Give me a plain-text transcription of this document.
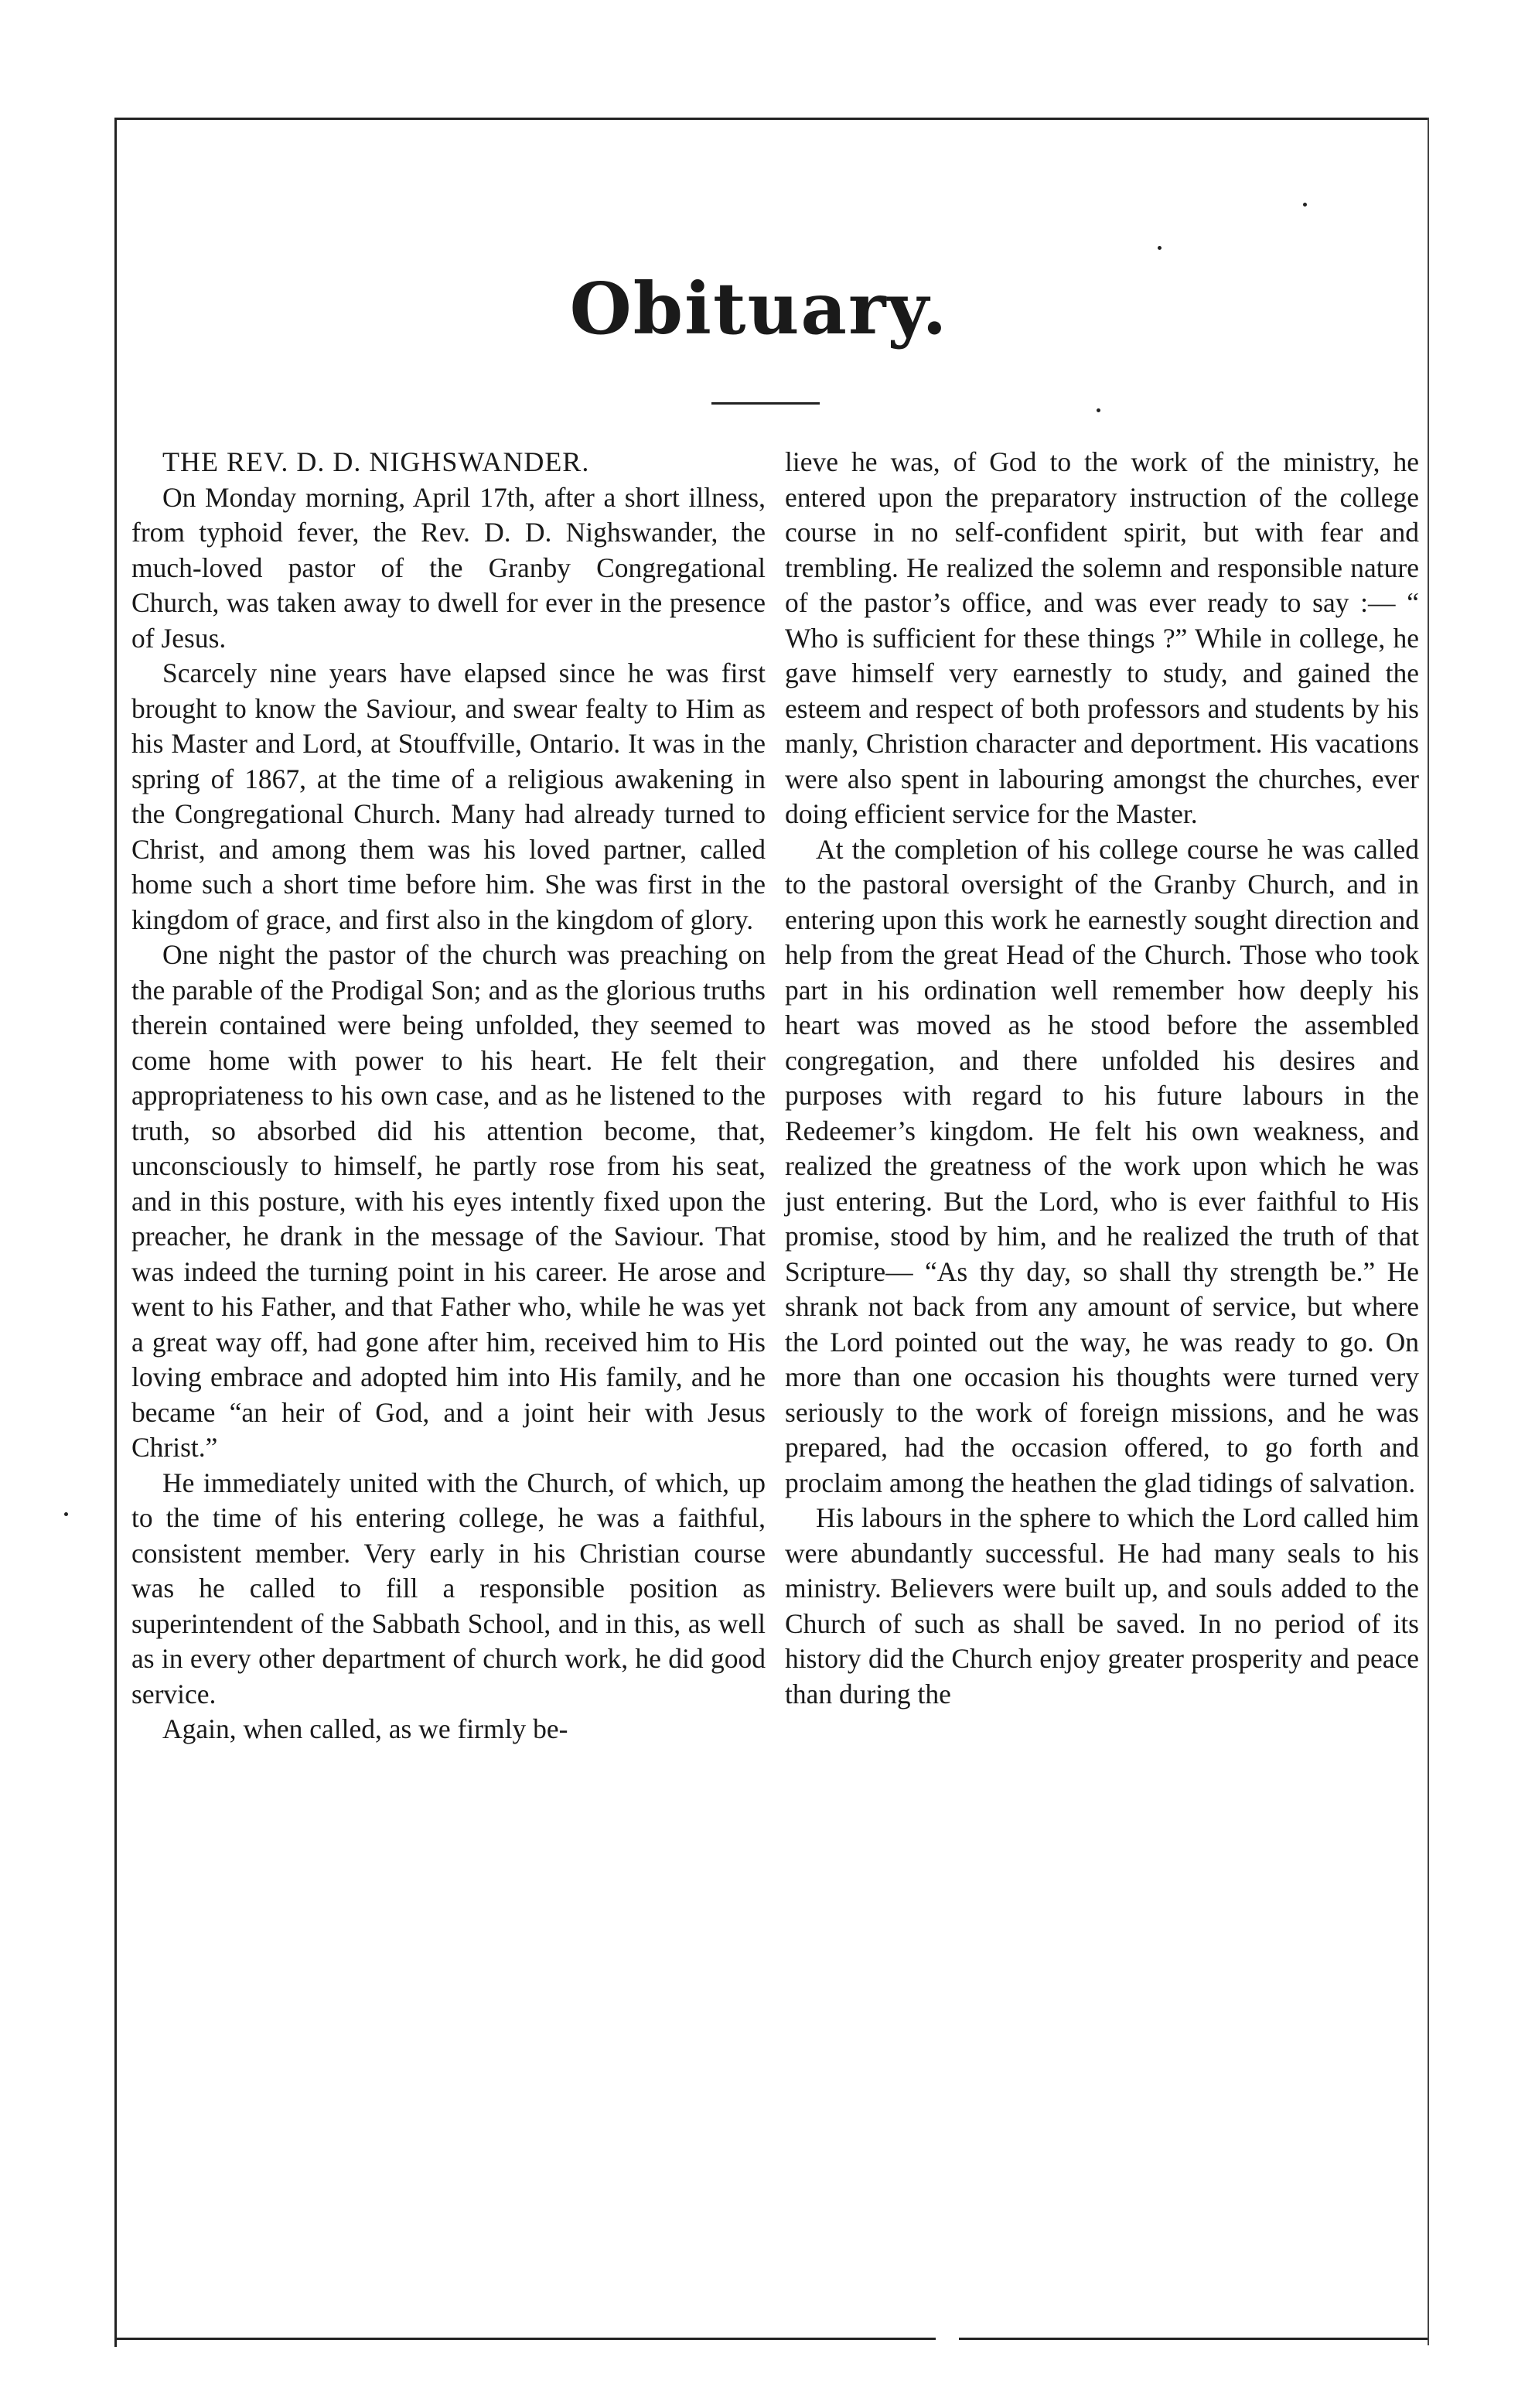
Obituary.

THE REV. D. D. NIGHSWANDER.

On Monday morning, April 17th, after a short illness, from typhoid fever, the Rev. D. D. Nighswander, the much-loved pastor of the Granby Congregational Church, was taken away to dwell for ever in the presence of Jesus.

Scarcely nine years have elapsed since he was first brought to know the Saviour, and swear fealty to Him as his Master and Lord, at Stouffville, Ontario. It was in the spring of 1867, at the time of a religious awakening in the Congregational Church. Many had already turned to Christ, and among them was his loved partner, called home such a short time before him. She was first in the kingdom of grace, and first also in the kingdom of glory.

One night the pastor of the church was preaching on the parable of the Prodigal Son; and as the glorious truths therein contained were being unfolded, they seemed to come home with power to his heart. He felt their appropriateness to his own case, and as he listened to the truth, so absorbed did his attention become, that, unconsciously to himself, he partly rose from his seat, and in this posture, with his eyes intently fixed upon the preacher, he drank in the message of the Saviour. That was indeed the turning point in his career. He arose and went to his Father, and that Father who, while he was yet a great way off, had gone after him, received him to His loving embrace and adopted him into His family, and he became “an heir of God, and a joint heir with Jesus Christ.”

He immediately united with the Church, of which, up to the time of his entering college, he was a faithful, consistent member. Very early in his Christian course was he called to fill a responsible position as superintendent of the Sabbath School, and in this, as well as in every other department of church work, he did good service.

Again, when called, as we firmly be-

lieve he was, of God to the work of the ministry, he entered upon the preparatory instruction of the college course in no self-confident spirit, but with fear and trembling. He realized the solemn and responsible nature of the pastor’s office, and was ever ready to say :— “ Who is sufficient for these things ?” While in college, he gave himself very earnestly to study, and gained the esteem and respect of both professors and students by his manly, Christion character and deportment. His vacations were also spent in labouring amongst the churches, ever doing efficient service for the Master.

At the completion of his college course he was called to the pastoral oversight of the Granby Church, and in entering upon this work he earnestly sought direction and help from the great Head of the Church. Those who took part in his ordination well remember how deeply his heart was moved as he stood before the assembled congregation, and there unfolded his desires and purposes with regard to his future labours in the Redeemer’s kingdom. He felt his own weakness, and realized the greatness of the work upon which he was just entering. But the Lord, who is ever faithful to His promise, stood by him, and he realized the truth of that Scripture— “As thy day, so shall thy strength be.” He shrank not back from any amount of service, but where the Lord pointed out the way, he was ready to go. On more than one occasion his thoughts were turned very seriously to the work of foreign missions, and he was prepared, had the occasion offered, to go forth and proclaim among the heathen the glad tidings of salvation.

His labours in the sphere to which the Lord called him were abundantly successful. He had many seals to his ministry. Believers were built up, and souls added to the Church of such as shall be saved. In no period of its history did the Church enjoy greater prosperity and peace than during the
